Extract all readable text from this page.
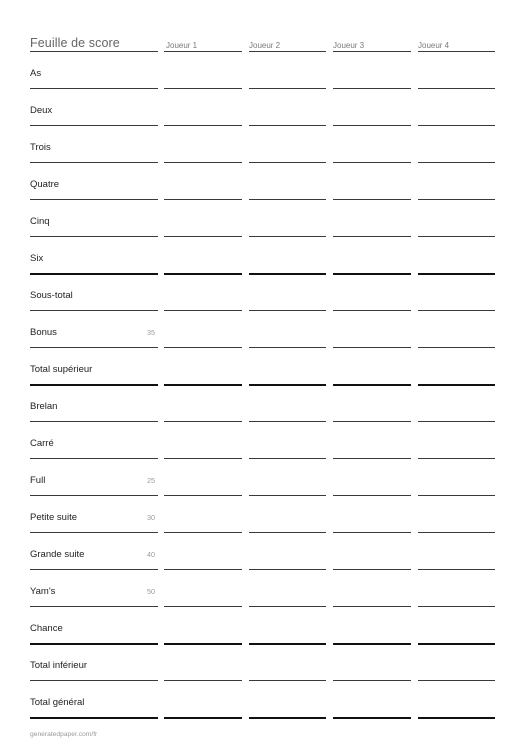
Feuille de score	Joueur 1	Joueur 2	Joueur 3	Joueur 4
As
Deux
Trois
Quatre
Cinq
Six
Sous-total
Bonus	35
Total supérieur
Brelan
Carré
Full	25
Petite suite	30
Grande suite	40
Yam's	50
Chance
Total inférieur
Total général
generatedpaper.com/fr
